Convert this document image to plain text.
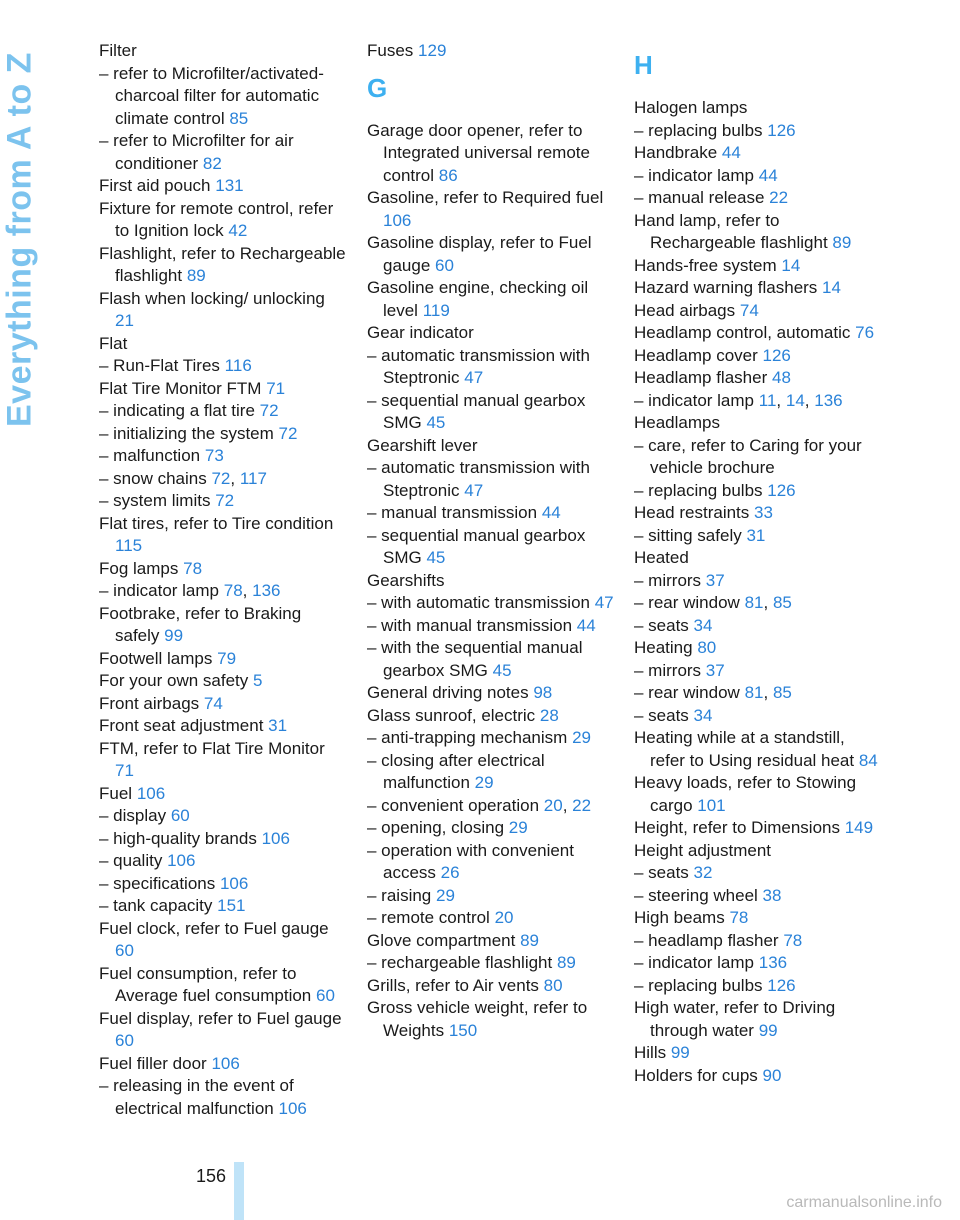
Everything from A to Z
Filter
– refer to Microfilter/activated-charcoal filter for automatic climate control 85
– refer to Microfilter for air conditioner 82
First aid pouch 131
Fixture for remote control, refer to Ignition lock 42
Flashlight, refer to Rechargeable flashlight 89
Flash when locking/ unlocking 21
Flat
– Run-Flat Tires 116
Flat Tire Monitor FTM 71
– indicating a flat tire 72
– initializing the system 72
– malfunction 73
– snow chains 72, 117
– system limits 72
Flat tires, refer to Tire condition 115
Fog lamps 78
– indicator lamp 78, 136
Footbrake, refer to Braking safely 99
Footwell lamps 79
For your own safety 5
Front airbags 74
Front seat adjustment 31
FTM, refer to Flat Tire Monitor 71
Fuel 106
– display 60
– high-quality brands 106
– quality 106
– specifications 106
– tank capacity 151
Fuel clock, refer to Fuel gauge 60
Fuel consumption, refer to Average fuel consumption 60
Fuel display, refer to Fuel gauge 60
Fuel filler door 106
– releasing in the event of electrical malfunction 106
Fuses 129
G
Garage door opener, refer to Integrated universal remote control 86
Gasoline, refer to Required fuel 106
Gasoline display, refer to Fuel gauge 60
Gasoline engine, checking oil level 119
Gear indicator
– automatic transmission with Steptronic 47
– sequential manual gearbox SMG 45
Gearshift lever
– automatic transmission with Steptronic 47
– manual transmission 44
– sequential manual gearbox SMG 45
Gearshifts
– with automatic transmission 47
– with manual transmission 44
– with the sequential manual gearbox SMG 45
General driving notes 98
Glass sunroof, electric 28
– anti-trapping mechanism 29
– closing after electrical malfunction 29
– convenient operation 20, 22
– opening, closing 29
– operation with convenient access 26
– raising 29
– remote control 20
Glove compartment 89
– rechargeable flashlight 89
Grills, refer to Air vents 80
Gross vehicle weight, refer to Weights 150
H
Halogen lamps
– replacing bulbs 126
Handbrake 44
– indicator lamp 44
– manual release 22
Hand lamp, refer to Rechargeable flashlight 89
Hands-free system 14
Hazard warning flashers 14
Head airbags 74
Headlamp control, automatic 76
Headlamp cover 126
Headlamp flasher 48
– indicator lamp 11, 14, 136
Headlamps
– care, refer to Caring for your vehicle brochure
– replacing bulbs 126
Head restraints 33
– sitting safely 31
Heated
– mirrors 37
– rear window 81, 85
– seats 34
Heating 80
– mirrors 37
– rear window 81, 85
– seats 34
Heating while at a standstill, refer to Using residual heat 84
Heavy loads, refer to Stowing cargo 101
Height, refer to Dimensions 149
Height adjustment
– seats 32
– steering wheel 38
High beams 78
– headlamp flasher 78
– indicator lamp 136
– replacing bulbs 126
High water, refer to Driving through water 99
Hills 99
Holders for cups 90
156
carmanualsonline.info
